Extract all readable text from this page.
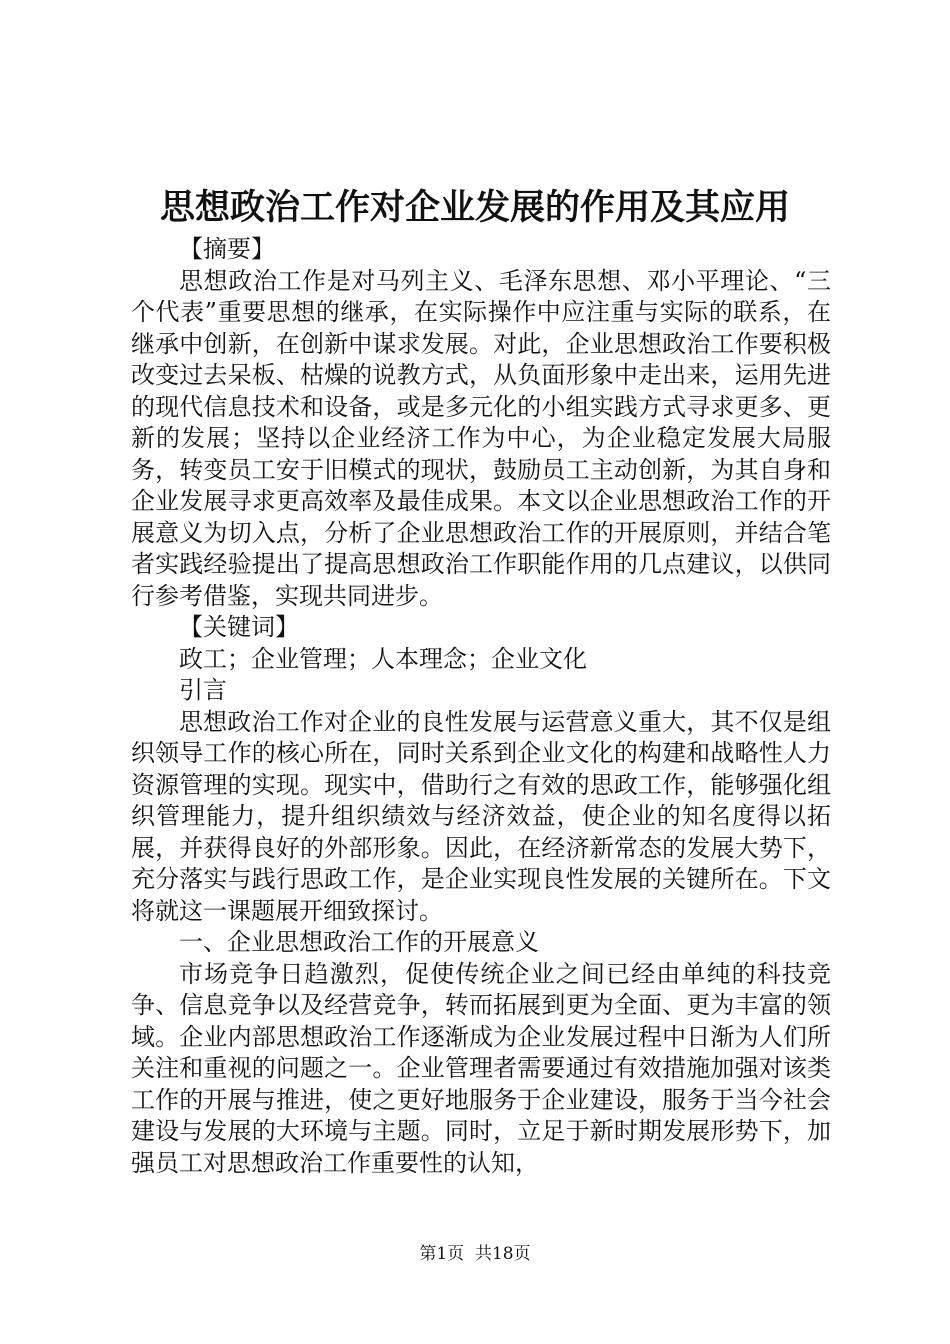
思想政治工作对企业发展的作用及其应用

【摘要】

思想政治工作是对马列主义、毛泽东思想、邓小平理论、“三个代表”重要思想的继承，在实际操作中应注重与实际的联系，在继承中创新，在创新中谋求发展。对此，企业思想政治工作要积极改变过去呆板、枯燥的说教方式，从负面形象中走出来，运用先进的现代信息技术和设备，或是多元化的小组实践方式寻求更多、更新的发展；坚持以企业经济工作为中心，为企业稳定发展大局服务，转变员工安于旧模式的现状，鼓励员工主动创新，为其自身和企业发展寻求更高效率及最佳成果。本文以企业思想政治工作的开展意义为切入点，分析了企业思想政治工作的开展原则，并结合笔者实践经验提出了提高思想政治工作职能作用的几点建议，以供同行参考借鉴，实现共同进步。

【关键词】

政工；企业管理；人本理念；企业文化

引言

思想政治工作对企业的良性发展与运营意义重大，其不仅是组织领导工作的核心所在，同时关系到企业文化的构建和战略性人力资源管理的实现。现实中，借助行之有效的思政工作，能够强化组织管理能力，提升组织绩效与经济效益，使企业的知名度得以拓展，并获得良好的外部形象。因此，在经济新常态的发展大势下，充分落实与践行思政工作，是企业实现良性发展的关键所在。下文将就这一课题展开细致探讨。

一、企业思想政治工作的开展意义

市场竞争日趋激烈，促使传统企业之间已经由单纯的科技竞争、信息竞争以及经营竞争，转而拓展到更为全面、更为丰富的领域。企业内部思想政治工作逐渐成为企业发展过程中日渐为人们所关注和重视的问题之一。企业管理者需要通过有效措施加强对该类工作的开展与推进，使之更好地服务于企业建设，服务于当今社会建设与发展的大环境与主题。同时，立足于新时期发展形势下，加强员工对思想政治工作重要性的认知，

第1页  共18页
